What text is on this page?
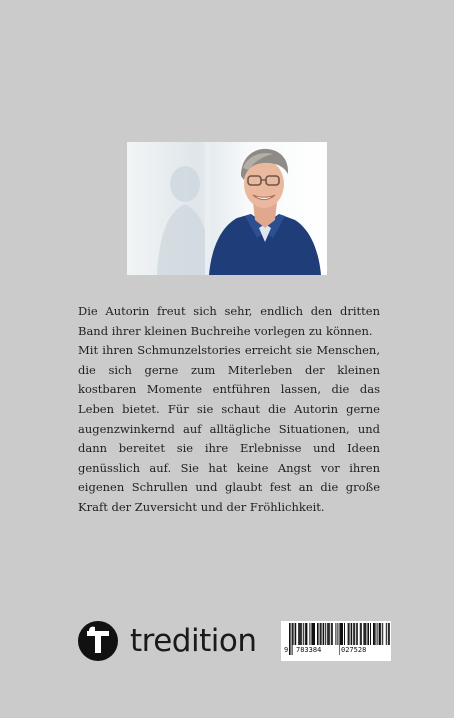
Die Autorin freut sich sehr, endlich den dritten Band ihrer kleinen Buchreihe vorlegen zu können.

Mit ihren Schmunzelstories erreicht sie Menschen, die sich gerne zum Miterleben der kleinen kostbaren Momente entführen lassen, die das Leben bietet. Für sie schaut die Autorin gerne augenzwinkernd auf alltägliche Situationen, und dann bereitet sie ihre Erlebnisse und Ideen genüsslich auf. Sie hat keine Angst vor ihren eigenen Schrullen und glaubt fest an die große Kraft der Zuversicht und der Fröhlichkeit.

tredition	9 783384	027528
